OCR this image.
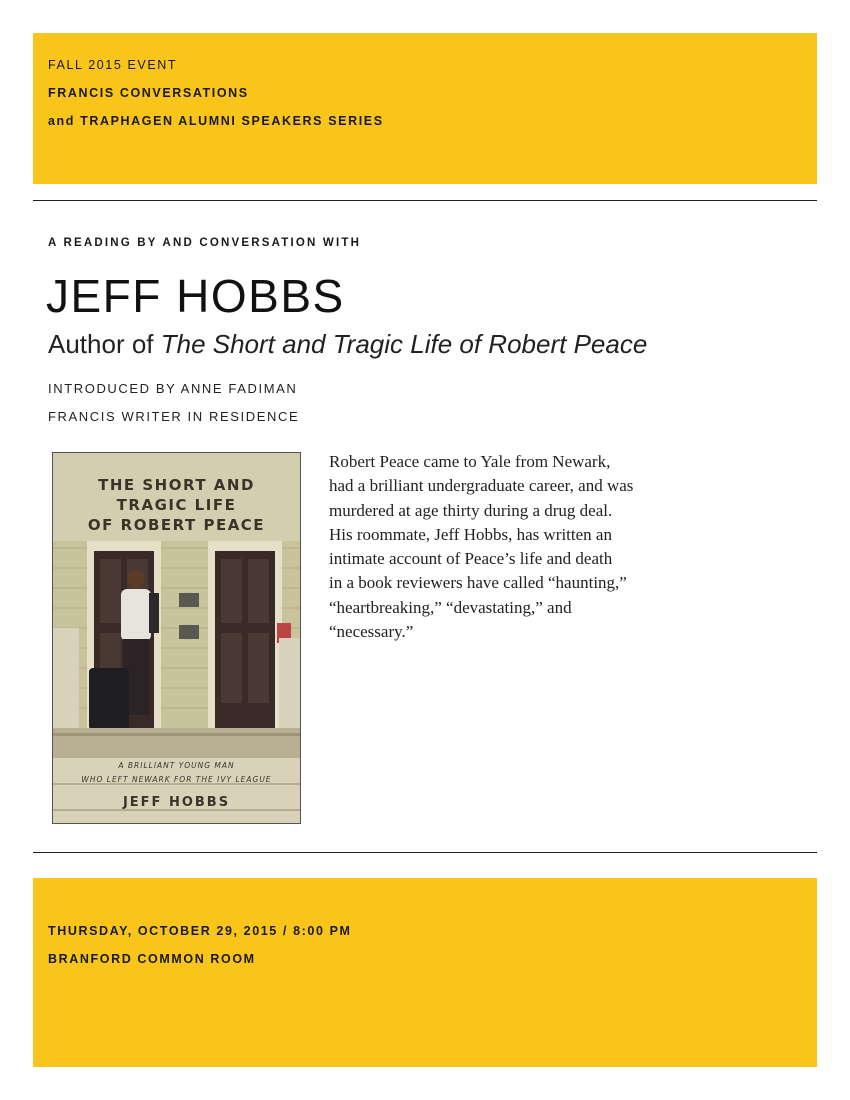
FALL 2015 EVENT

FRANCIS CONVERSATIONS

and TRAPHAGEN ALUMNI SPEAKERS SERIES

A READING BY AND CONVERSATION WITH

JEFF HOBBS

Author of The Short and Tragic Life of Robert Peace

INTRODUCED BY ANNE FADIMAN

FRANCIS WRITER IN RESIDENCE

THE SHORT AND
TRAGIC LIFE
OF ROBERT PEACE

A BRILLIANT YOUNG MAN

WHO LEFT NEWARK FOR THE IVY LEAGUE

JEFF HOBBS

Robert Peace came to Yale from Newark,
had a brilliant undergraduate career, and was
murdered at age thirty during a drug deal.
His roommate, Jeff Hobbs, has written an
intimate account of Peace’s life and death
in a book reviewers have called “haunting,”
“heartbreaking,” “devastating,” and
“necessary.”

THURSDAY, OCTOBER 29, 2015 / 8:00 PM

BRANFORD COMMON ROOM
